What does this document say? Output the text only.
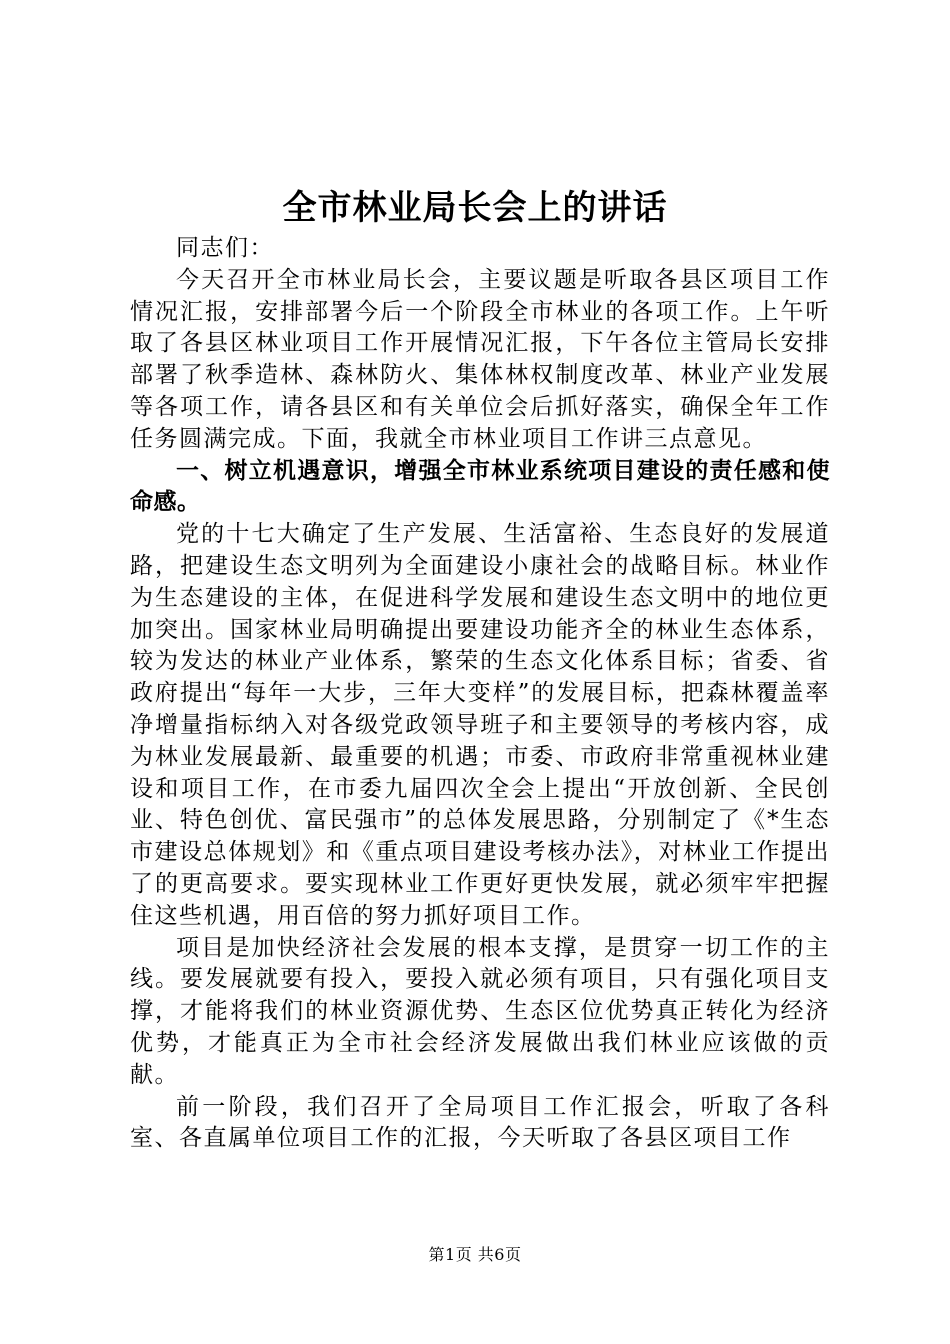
全市林业局长会上的讲话

同志们：

今天召开全市林业局长会，主要议题是听取各县区项目工作情况汇报，安排部署今后一个阶段全市林业的各项工作。上午听取了各县区林业项目工作开展情况汇报，下午各位主管局长安排部署了秋季造林、森林防火、集体林权制度改革、林业产业发展等各项工作，请各县区和有关单位会后抓好落实，确保全年工作任务圆满完成。下面，我就全市林业项目工作讲三点意见。

一、树立机遇意识，增强全市林业系统项目建设的责任感和使命感。

党的十七大确定了生产发展、生活富裕、生态良好的发展道路，把建设生态文明列为全面建设小康社会的战略目标。林业作为生态建设的主体，在促进科学发展和建设生态文明中的地位更加突出。国家林业局明确提出要建设功能齐全的林业生态体系，较为发达的林业产业体系，繁荣的生态文化体系目标；省委、省政府提出“每年一大步，三年大变样”的发展目标，把森林覆盖率净增量指标纳入对各级党政领导班子和主要领导的考核内容，成为林业发展最新、最重要的机遇；市委、市政府非常重视林业建设和项目工作，在市委九届四次全会上提出“开放创新、全民创业、特色创优、富民强市”的总体发展思路，分别制定了《*生态市建设总体规划》和《重点项目建设考核办法》，对林业工作提出了的更高要求。要实现林业工作更好更快发展，就必须牢牢把握住这些机遇，用百倍的努力抓好项目工作。

项目是加快经济社会发展的根本支撑，是贯穿一切工作的主线。要发展就要有投入，要投入就必须有项目，只有强化项目支撑，才能将我们的林业资源优势、生态区位优势真正转化为经济优势，才能真正为全市社会经济发展做出我们林业应该做的贡献。

前一阶段，我们召开了全局项目工作汇报会，听取了各科室、各直属单位项目工作的汇报，今天听取了各县区项目工作

第1页 共6页
